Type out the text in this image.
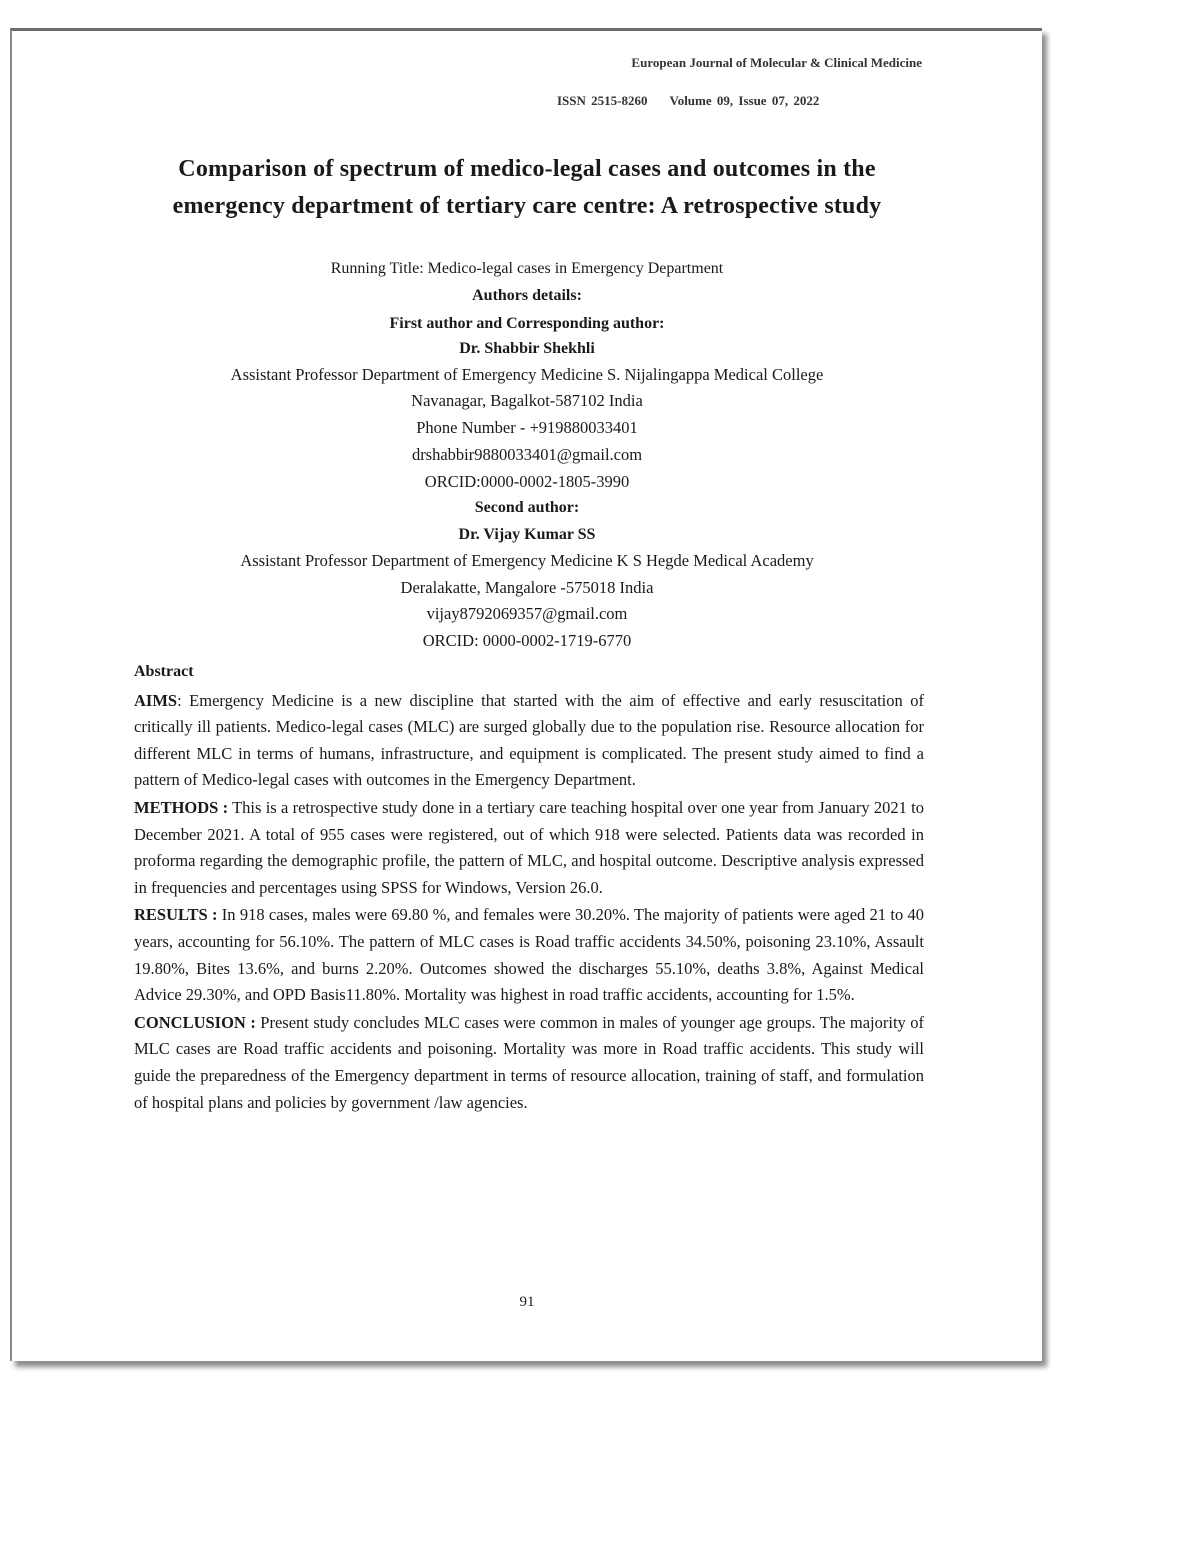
European Journal of Molecular & Clinical Medicine
ISSN 2515-8260 Volume 09, Issue 07, 2022
Comparison of spectrum of medico-legal cases and outcomes in the emergency department of tertiary care centre: A retrospective study
Running Title: Medico-legal cases in Emergency Department
Authors details:
First author and Corresponding author:
Dr. Shabbir Shekhli
Assistant Professor Department of Emergency Medicine S. Nijalingappa Medical College
Navanagar, Bagalkot-587102 India
Phone Number - +919880033401
drshabbir9880033401@gmail.com
ORCID:0000-0002-1805-3990
Second author:
Dr. Vijay Kumar SS
Assistant Professor Department of Emergency Medicine K S Hegde Medical Academy
Deralakatte, Mangalore -575018 India
vijay8792069357@gmail.com
ORCID: 0000-0002-1719-6770
Abstract

AIMS: Emergency Medicine is a new discipline that started with the aim of effective and early resuscitation of critically ill patients. Medico-legal cases (MLC) are surged globally due to the population rise. Resource allocation for different MLC in terms of humans, infrastructure, and equipment is complicated. The present study aimed to find a pattern of Medico-legal cases with outcomes in the Emergency Department.

METHODS : This is a retrospective study done in a tertiary care teaching hospital over one year from January 2021 to December 2021. A total of 955 cases were registered, out of which 918 were selected. Patients data was recorded in proforma regarding the demographic profile, the pattern of MLC, and hospital outcome. Descriptive analysis expressed in frequencies and percentages using SPSS for Windows, Version 26.0.

RESULTS : In 918 cases, males were 69.80 %, and females were 30.20%. The majority of patients were aged 21 to 40 years, accounting for 56.10%. The pattern of MLC cases is Road traffic accidents 34.50%, poisoning 23.10%, Assault 19.80%, Bites 13.6%, and burns 2.20%. Outcomes showed the discharges 55.10%, deaths 3.8%, Against Medical Advice 29.30%, and OPD Basis11.80%. Mortality was highest in road traffic accidents, accounting for 1.5%.

CONCLUSION : Present study concludes MLC cases were common in males of younger age groups. The majority of MLC cases are Road traffic accidents and poisoning. Mortality was more in Road traffic accidents. This study will guide the preparedness of the Emergency department in terms of resource allocation, training of staff, and formulation of hospital plans and policies by government /law agencies.

91
